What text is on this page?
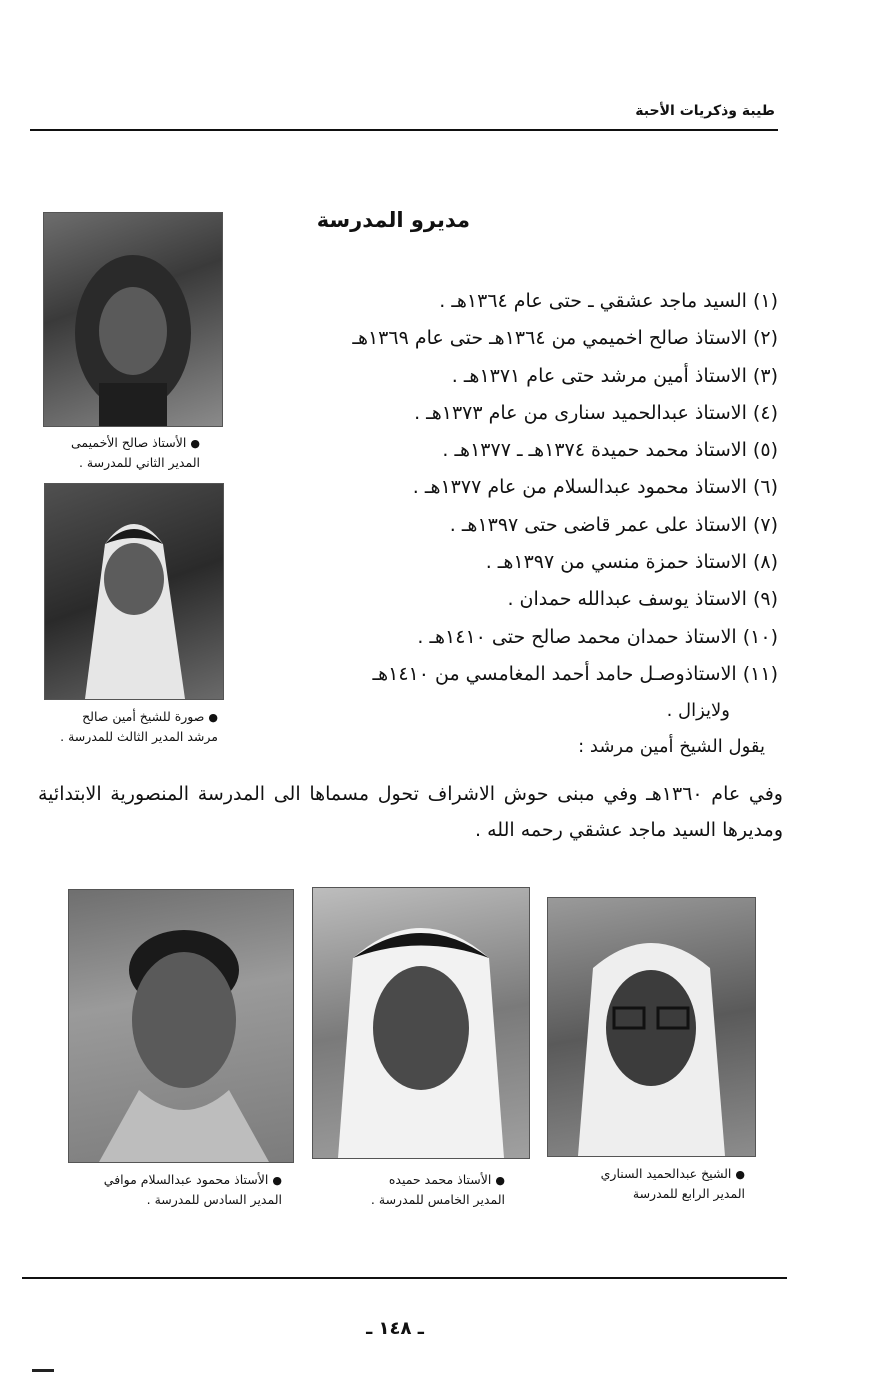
طيبة وذكريات الأحبة
مديرو المدرسة
(١) السيد ماجد عشقي ـ حتى عام ١٣٦٤هـ .
(٢) الاستاذ صالح اخميمي من ١٣٦٤هـ حتى عام ١٣٦٩هـ
(٣) الاستاذ أمين مرشد حتى عام ١٣٧١هـ .
(٤) الاستاذ عبدالحميد سنارى من عام ١٣٧٣هـ .
(٥) الاستاذ محمد حميدة ١٣٧٤هـ ـ ١٣٧٧هـ .
(٦) الاستاذ محمود عبدالسلام من عام ١٣٧٧هـ .
(٧) الاستاذ على عمر قاضى حتى ١٣٩٧هـ .
(٨) الاستاذ حمزة منسي من ١٣٩٧هـ .
(٩) الاستاذ يوسف عبدالله حمدان .
(١٠) الاستاذ حمدان محمد صالح حتى ١٤١٠هـ .
(١١) الاستاذوصـل حامد أحمد المغامسي من ١٤١٠هـ
ولايزال .
يقول الشيخ أمين مرشد :
وفي عام ١٣٦٠هـ وفي مبنى حوش الاشراف تحول مسماها الى المدرسة المنصورية الابتدائية ومديرها السيد ماجد عشقي رحمه الله .
●الأستاذ صالح الأخميمى
المدير الثاني للمدرسة .
●صورة للشيخ أمين صالح
مرشد المدير الثالث للمدرسة .
●الشيخ عبدالحميد السناري
المدير الرابع للمدرسة
●الأستاذ محمد حميده
المدير الخامس للمدرسة .
●الأستاذ محمود عبدالسلام موافي
المدير السادس للمدرسة .
ـ ١٤٨ ـ
